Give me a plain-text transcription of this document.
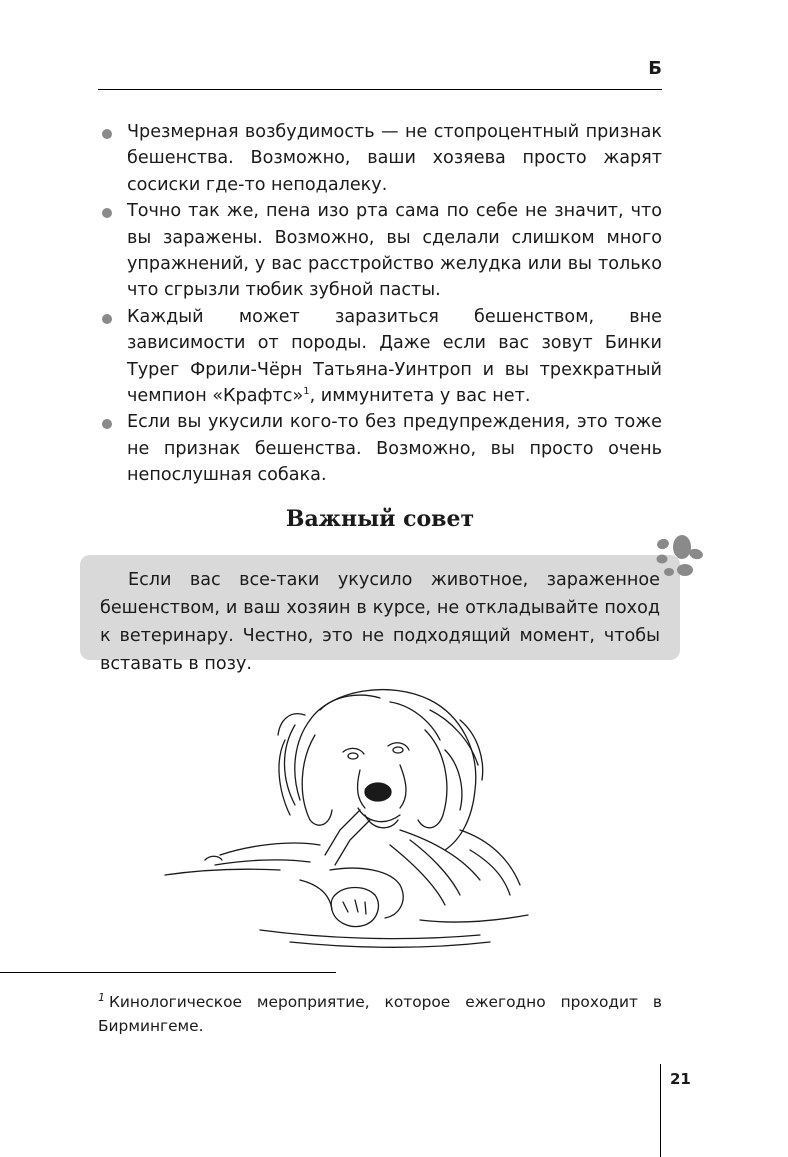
Б
Чрезмерная возбудимость — не стопроцентный признак бешенства. Возможно, ваши хозяева просто жарят сосиски где-то неподалеку.
Точно так же, пена изо рта сама по себе не значит, что вы заражены. Возможно, вы сделали слишком много упражнений, у вас расстройство желудка или вы только что сгрызли тюбик зубной пасты.
Каждый может заразиться бешенством, вне зависимости от породы. Даже если вас зовут Бинки Турег Фрили-Чёрн Татьяна-Уинтроп и вы трехкратный чемпион «Крафтс»$^1$, иммунитета у вас нет.
Если вы укусили кого-то без предупреждения, это тоже не признак бешенства. Возможно, вы просто очень непослушная собака.
Важный совет

Если вас все-таки укусило животное, зараженное бешенством, и ваш хозяин в курсе, не откладывайте поход к ветеринару. Честно, это не подходящий момент, чтобы вставать в позу.

$^1$ Кинологическое мероприятие, которое ежегодно проходит в Бирмингеме.

21
